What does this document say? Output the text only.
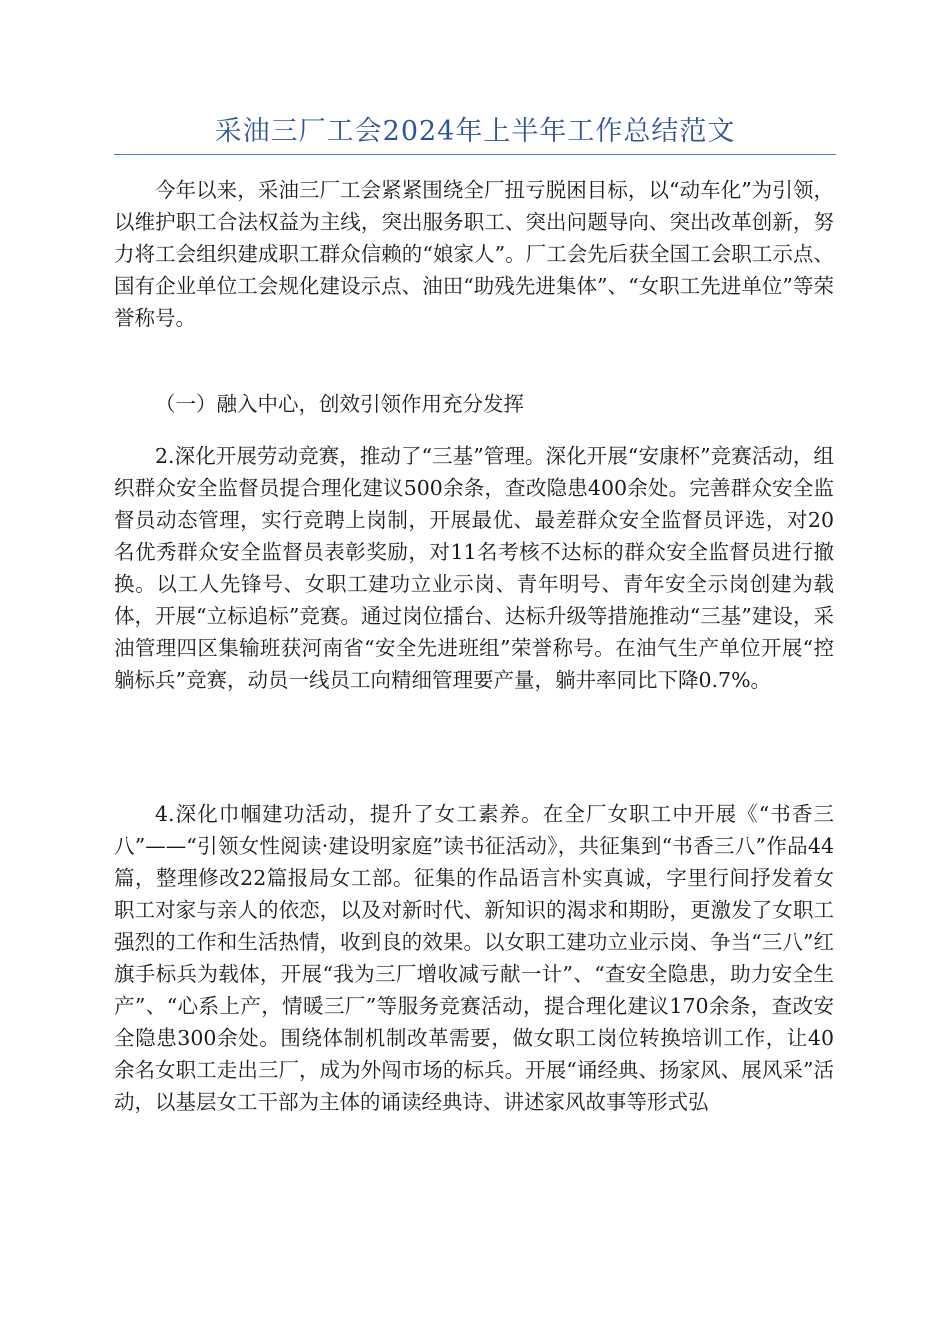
采油三厂工会2024年上半年工作总结范文

今年以来，采油三厂工会紧紧围绕全厂扭亏脱困目标，以“动车化”为引领，以维护职工合法权益为主线，突出服务职工、突出问题导向、突出改革创新，努力将工会组织建成职工群众信赖的“娘家人”。厂工会先后获全国工会职工示点、国有企业单位工会规化建设示点、油田“助残先进集体”、“女职工先进单位”等荣誉称号。

（一）融入中心，创效引领作用充分发挥

2.深化开展劳动竞赛，推动了“三基”管理。深化开展“安康杯”竞赛活动，组织群众安全监督员提合理化建议500余条，查改隐患400余处。完善群众安全监督员动态管理，实行竞聘上岗制，开展最优、最差群众安全监督员评选，对20名优秀群众安全监督员表彰奖励，对11名考核不达标的群众安全监督员进行撤换。以工人先锋号、女职工建功立业示岗、青年明号、青年安全示岗创建为载体，开展“立标追标”竞赛。通过岗位擂台、达标升级等措施推动“三基”建设，采油管理四区集输班获河南省“安全先进班组”荣誉称号。在油气生产单位开展“控躺标兵”竞赛，动员一线员工向精细管理要产量，躺井率同比下降0.7%。

4.深化巾帼建功活动，提升了女工素养。在全厂女职工中开展《“书香三八”——“引领女性阅读·建设明家庭”读书征活动》，共征集到“书香三八”作品44篇，整理修改22篇报局女工部。征集的作品语言朴实真诚，字里行间抒发着女职工对家与亲人的依恋，以及对新时代、新知识的渴求和期盼，更激发了女职工强烈的工作和生活热情，收到良的效果。以女职工建功立业示岗、争当“三八”红旗手标兵为载体，开展“我为三厂增收减亏献一计”、“查安全隐患，助力安全生产”、“心系上产，情暖三厂”等服务竞赛活动，提合理化建议170余条，查改安全隐患300余处。围绕体制机制改革需要，做女职工岗位转换培训工作，让40余名女职工走出三厂，成为外闯市场的标兵。开展“诵经典、扬家风、展风采”活动，以基层女工干部为主体的诵读经典诗、讲述家风故事等形式弘
